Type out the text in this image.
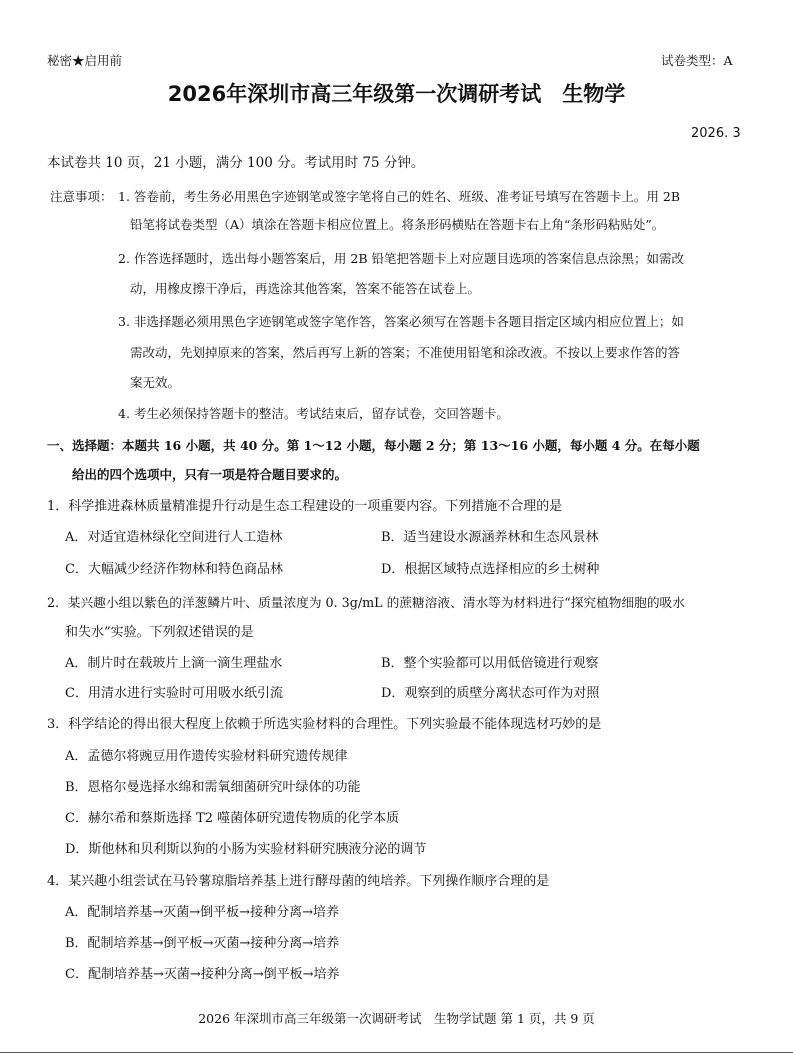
秘密★启用前	试卷类型：A
2026年深圳市高三年级第一次调研考试　生物学
2026. 3
本试卷共 10 页，21 小题，满分 100 分。考试用时 75 分钟。
注意事项： 1. 答卷前，考生务必用黑色字迹钢笔或签字笔将自己的姓名、班级、准考证号填写在答题卡上。用 2B
铅笔将试卷类型（A）填涂在答题卡相应位置上。将条形码横贴在答题卡右上角“条形码粘贴处”。
2. 作答选择题时，选出每小题答案后，用 2B 铅笔把答题卡上对应题目选项的答案信息点涂黑；如需改
动，用橡皮擦干净后，再选涂其他答案，答案不能答在试卷上。
3. 非选择题必须用黑色字迹钢笔或签字笔作答，答案必须写在答题卡各题目指定区域内相应位置上；如
需改动，先划掉原来的答案，然后再写上新的答案；不准使用铅笔和涂改液。不按以上要求作答的答
案无效。
4. 考生必须保持答题卡的整洁。考试结束后，留存试卷，交回答题卡。
一、选择题：本题共 16 小题，共 40 分。第 1～12 小题，每小题 2 分；第 13～16 小题，每小题 4 分。在每小题
给出的四个选项中，只有一项是符合题目要求的。
1．科学推进森林质量精准提升行动是生态工程建设的一项重要内容。下列措施不合理的是
A．对适宜造林绿化空间进行人工造林	B．适当建设水源涵养林和生态风景林
C．大幅减少经济作物林和特色商品林	D．根据区域特点选择相应的乡土树种
2．某兴趣小组以紫色的洋葱鳞片叶、质量浓度为 0. 3g/mL 的蔗糖溶液、清水等为材料进行“探究植物细胞的吸水
和失水”实验。下列叙述错误的是
A．制片时在载玻片上滴一滴生理盐水	B．整个实验都可以用低倍镜进行观察
C．用清水进行实验时可用吸水纸引流	D．观察到的质壁分离状态可作为对照
3．科学结论的得出很大程度上依赖于所选实验材料的合理性。下列实验最不能体现选材巧妙的是
A．孟德尔将豌豆用作遗传实验材料研究遗传规律
B．恩格尔曼选择水绵和需氧细菌研究叶绿体的功能
C．赫尔希和蔡斯选择 T2 噬菌体研究遗传物质的化学本质
D．斯他林和贝利斯以狗的小肠为实验材料研究胰液分泌的调节
4．某兴趣小组尝试在马铃薯琼脂培养基上进行酵母菌的纯培养。下列操作顺序合理的是
A．配制培养基→灭菌→倒平板→接种分离→培养
B．配制培养基→倒平板→灭菌→接种分离→培养
C．配制培养基→灭菌→接种分离→倒平板→培养
2026 年深圳市高三年级第一次调研考试　生物学试题 第 1 页，共 9 页
